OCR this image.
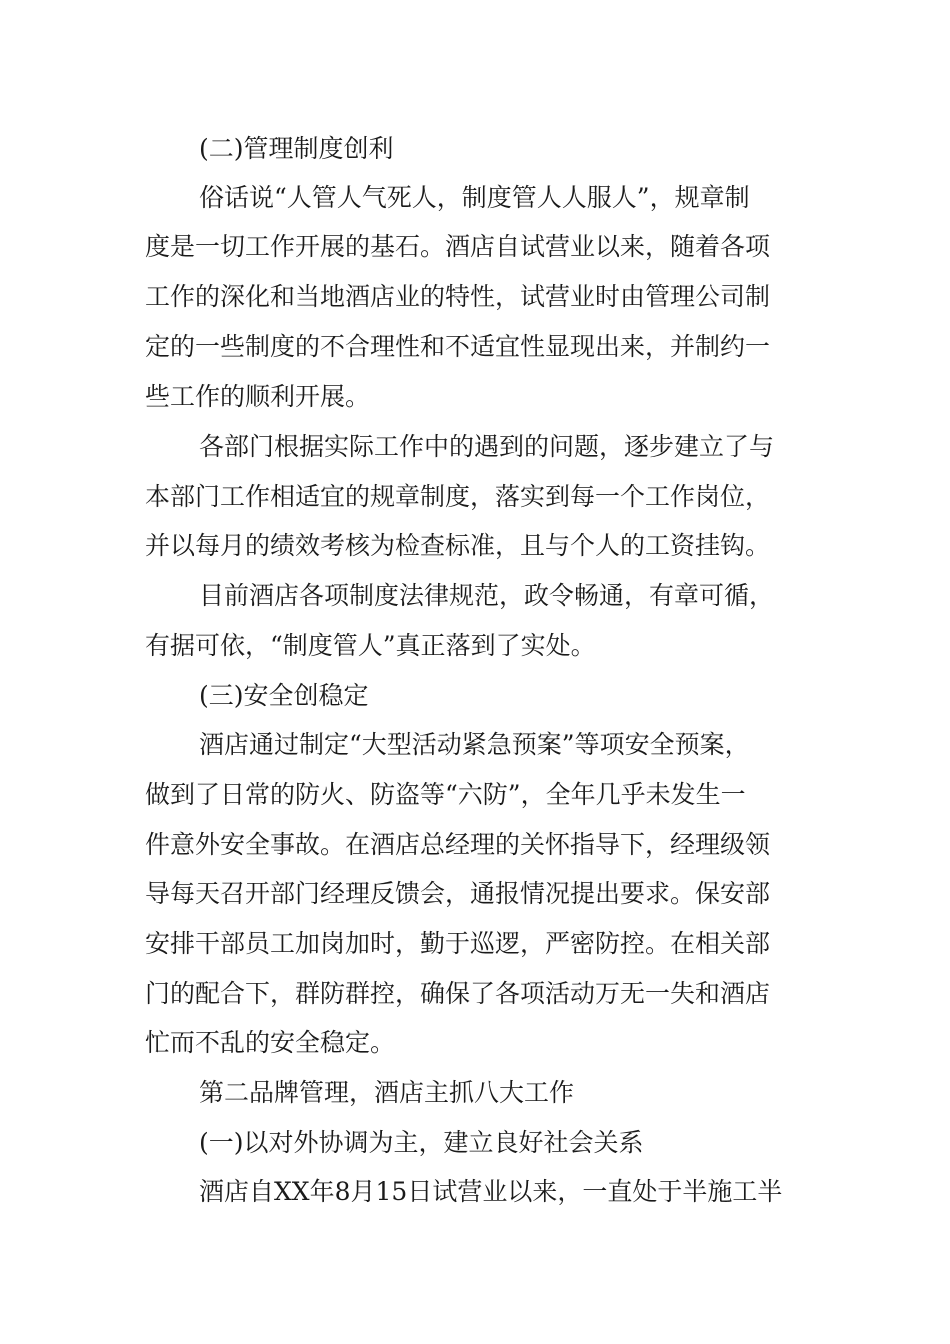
(二)管理制度创利
俗话说“人管人气死人，制度管人人服人”，规章制
度是一切工作开展的基石。酒店自试营业以来，随着各项
工作的深化和当地酒店业的特性，试营业时由管理公司制
定的一些制度的不合理性和不适宜性显现出来，并制约一
些工作的顺利开展。
各部门根据实际工作中的遇到的问题，逐步建立了与
本部门工作相适宜的规章制度，落实到每一个工作岗位，
并以每月的绩效考核为检查标准，且与个人的工资挂钩。
目前酒店各项制度法律规范，政令畅通，有章可循，
有据可依，“制度管人”真正落到了实处。
(三)安全创稳定
酒店通过制定“大型活动紧急预案”等项安全预案，
做到了日常的防火、防盗等“六防”，全年几乎未发生一
件意外安全事故。在酒店总经理的关怀指导下，经理级领
导每天召开部门经理反馈会，通报情况提出要求。保安部
安排干部员工加岗加时，勤于巡逻，严密防控。在相关部
门的配合下，群防群控，确保了各项活动万无一失和酒店
忙而不乱的安全稳定。
第二品牌管理，酒店主抓八大工作
(一)以对外协调为主，建立良好社会关系
酒店自XX年8月15日试营业以来，一直处于半施工半
